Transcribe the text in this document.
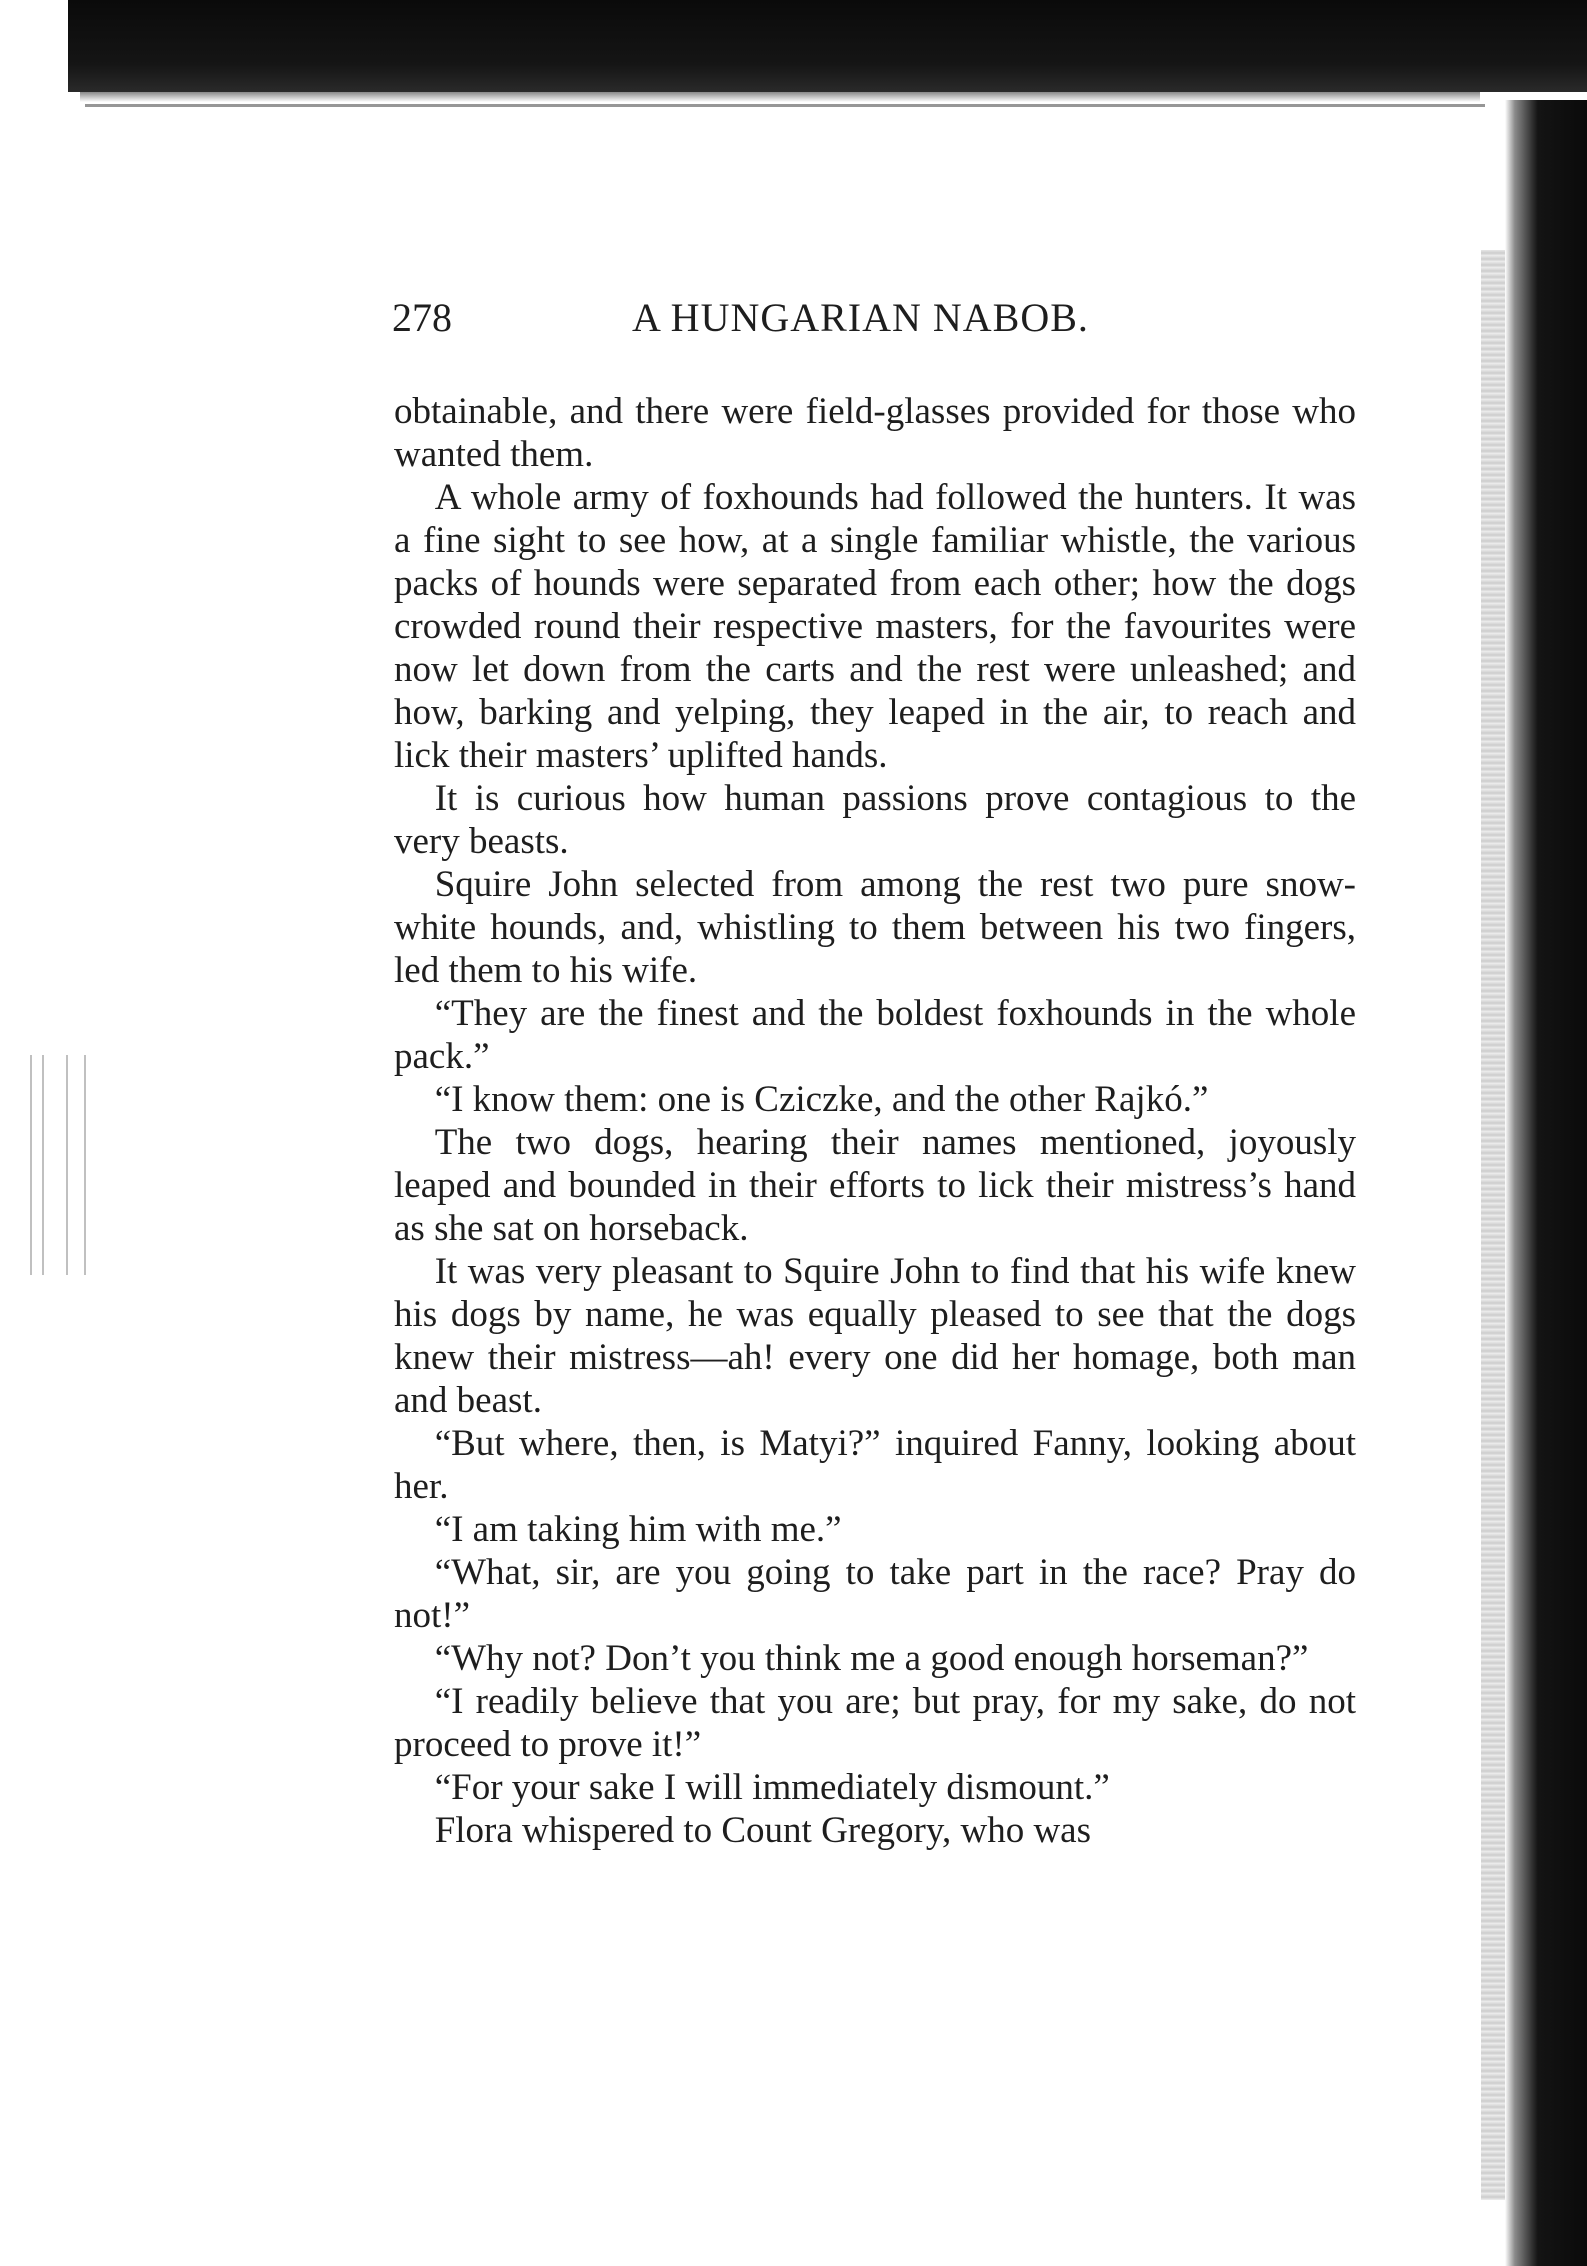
278	A HUNGARIAN NABOB.

obtainable, and there were field-glasses provided for those who wanted them.

A whole army of foxhounds had followed the hunters. It was a fine sight to see how, at a single familiar whistle, the various packs of hounds were separated from each other; how the dogs crowded round their respective masters, for the favourites were now let down from the carts and the rest were unleashed; and how, barking and yelping, they leaped in the air, to reach and lick their masters’ uplifted hands.

It is curious how human passions prove contagious to the very beasts.

Squire John selected from among the rest two pure snow-white hounds, and, whistling to them between his two fingers, led them to his wife.

“They are the finest and the boldest foxhounds in the whole pack.”

“I know them: one is Cziczke, and the other Rajkó.”

The two dogs, hearing their names mentioned, joyously leaped and bounded in their efforts to lick their mistress’s hand as she sat on horseback.

It was very pleasant to Squire John to find that his wife knew his dogs by name, he was equally pleased to see that the dogs knew their mistress—ah! every one did her homage, both man and beast.

“But where, then, is Matyi?” inquired Fanny, looking about her.

“I am taking him with me.”

“What, sir, are you going to take part in the race? Pray do not!”

“Why not? Don’t you think me a good enough horseman?”

“I readily believe that you are; but pray, for my sake, do not proceed to prove it!”

“For your sake I will immediately dismount.”

Flora whispered to Count Gregory, who was
